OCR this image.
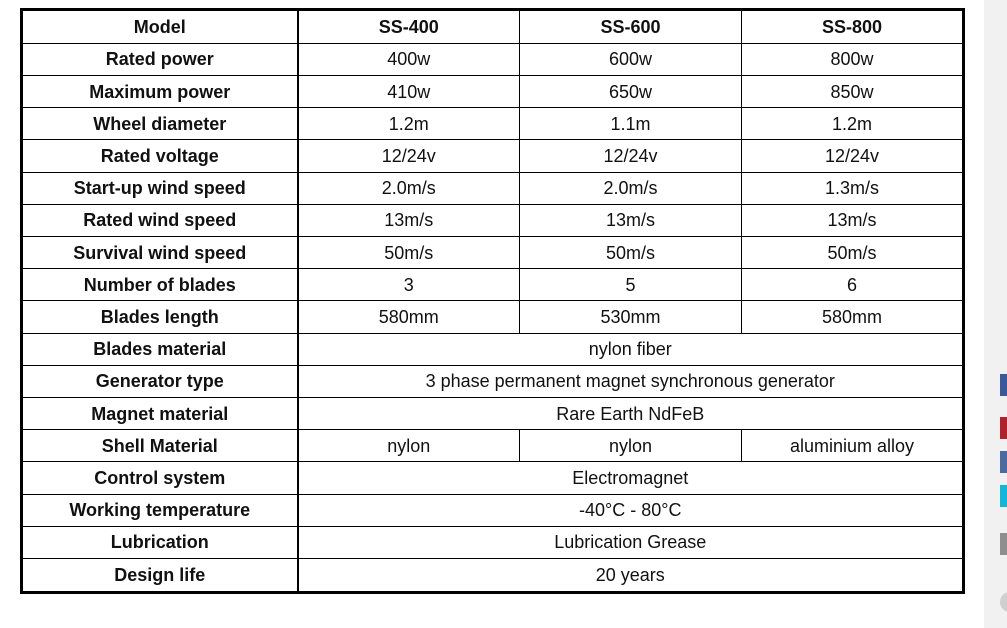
Model	SS-400	SS-600	SS-800
Rated power	400w	600w	800w
Maximum power	410w	650w	850w
Wheel diameter	1.2m	1.1m	1.2m
Rated voltage	12/24v	12/24v	12/24v
Start-up wind speed	2.0m/s	2.0m/s	1.3m/s
Rated wind speed	13m/s	13m/s	13m/s
Survival wind speed	50m/s	50m/s	50m/s
Number of blades	3	5	6
Blades length	580mm	530mm	580mm
Blades material	nylon fiber		
Generator type	3 phase permanent magnet synchronous generator		
Magnet material	Rare Earth NdFeB		
Shell Material	nylon	nylon	aluminium alloy
Control system	Electromagnet		
Working temperature	-40°C - 80°C		
Lubrication	Lubrication Grease		
Design life	20 years		
